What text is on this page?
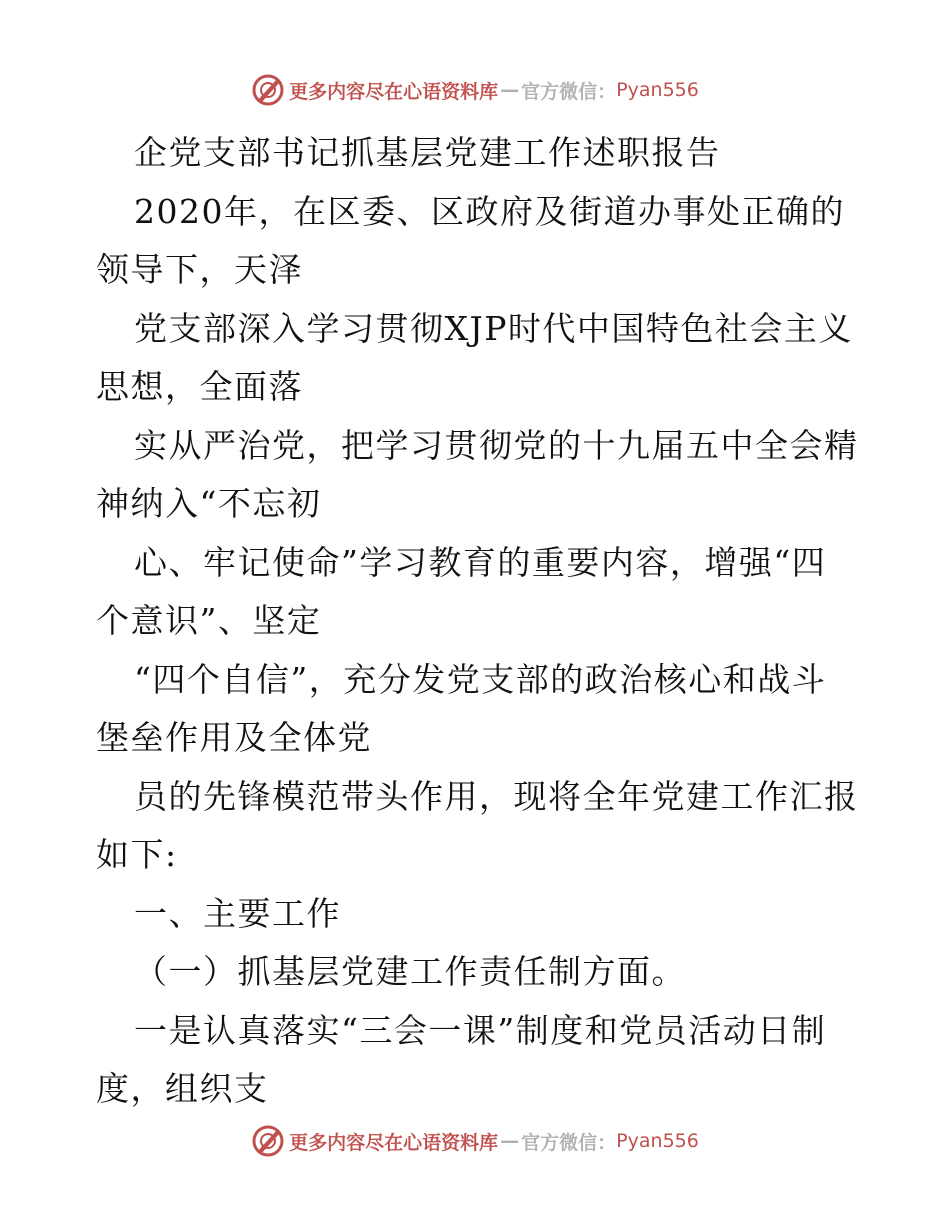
更多内容尽在心语资料库 — 官方微信： Pyan556
企党支部书记抓基层党建工作述职报告
2020年，在区委、区政府及街道办事处正确的
领导下，天泽
党支部深入学习贯彻XJP时代中国特色社会主义
思想，全面落
实从严治党，把学习贯彻党的十九届五中全会精
神纳入“不忘初
心、牢记使命”学习教育的重要内容，增强“四
个意识”、坚定
“四个自信”，充分发党支部的政治核心和战斗
堡垒作用及全体党
员的先锋模范带头作用，现将全年党建工作汇报
如下:
一、主要工作
（一）抓基层党建工作责任制方面。
一是认真落实“三会一课”制度和党员活动日制
度，组织支
更多内容尽在心语资料库 — 官方微信： Pyan556
